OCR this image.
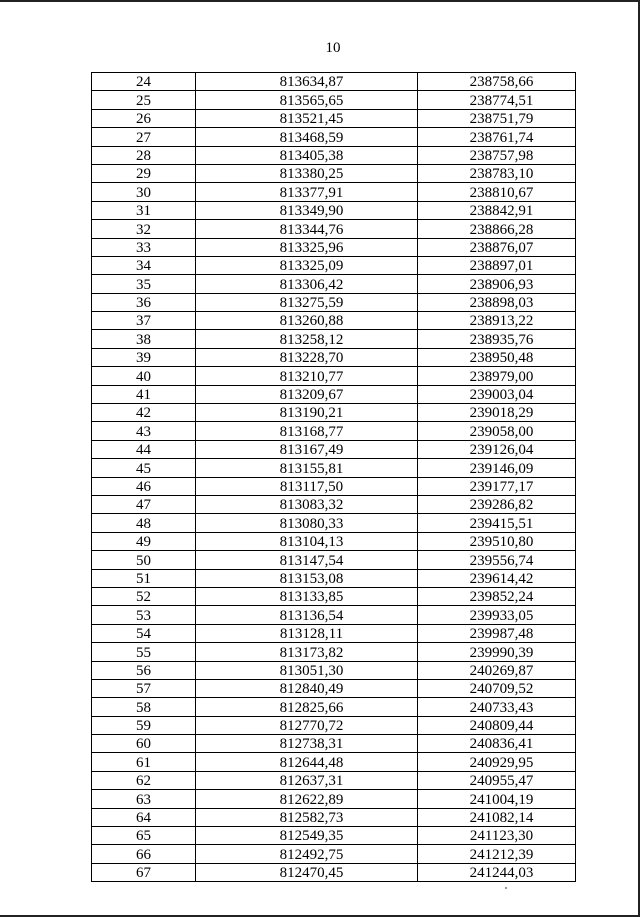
10
24	813634,87	238758,66
25	813565,65	238774,51
26	813521,45	238751,79
27	813468,59	238761,74
28	813405,38	238757,98
29	813380,25	238783,10
30	813377,91	238810,67
31	813349,90	238842,91
32	813344,76	238866,28
33	813325,96	238876,07
34	813325,09	238897,01
35	813306,42	238906,93
36	813275,59	238898,03
37	813260,88	238913,22
38	813258,12	238935,76
39	813228,70	238950,48
40	813210,77	238979,00
41	813209,67	239003,04
42	813190,21	239018,29
43	813168,77	239058,00
44	813167,49	239126,04
45	813155,81	239146,09
46	813117,50	239177,17
47	813083,32	239286,82
48	813080,33	239415,51
49	813104,13	239510,80
50	813147,54	239556,74
51	813153,08	239614,42
52	813133,85	239852,24
53	813136,54	239933,05
54	813128,11	239987,48
55	813173,82	239990,39
56	813051,30	240269,87
57	812840,49	240709,52
58	812825,66	240733,43
59	812770,72	240809,44
60	812738,31	240836,41
61	812644,48	240929,95
62	812637,31	240955,47
63	812622,89	241004,19
64	812582,73	241082,14
65	812549,35	241123,30
66	812492,75	241212,39
67	812470,45	241244,03
